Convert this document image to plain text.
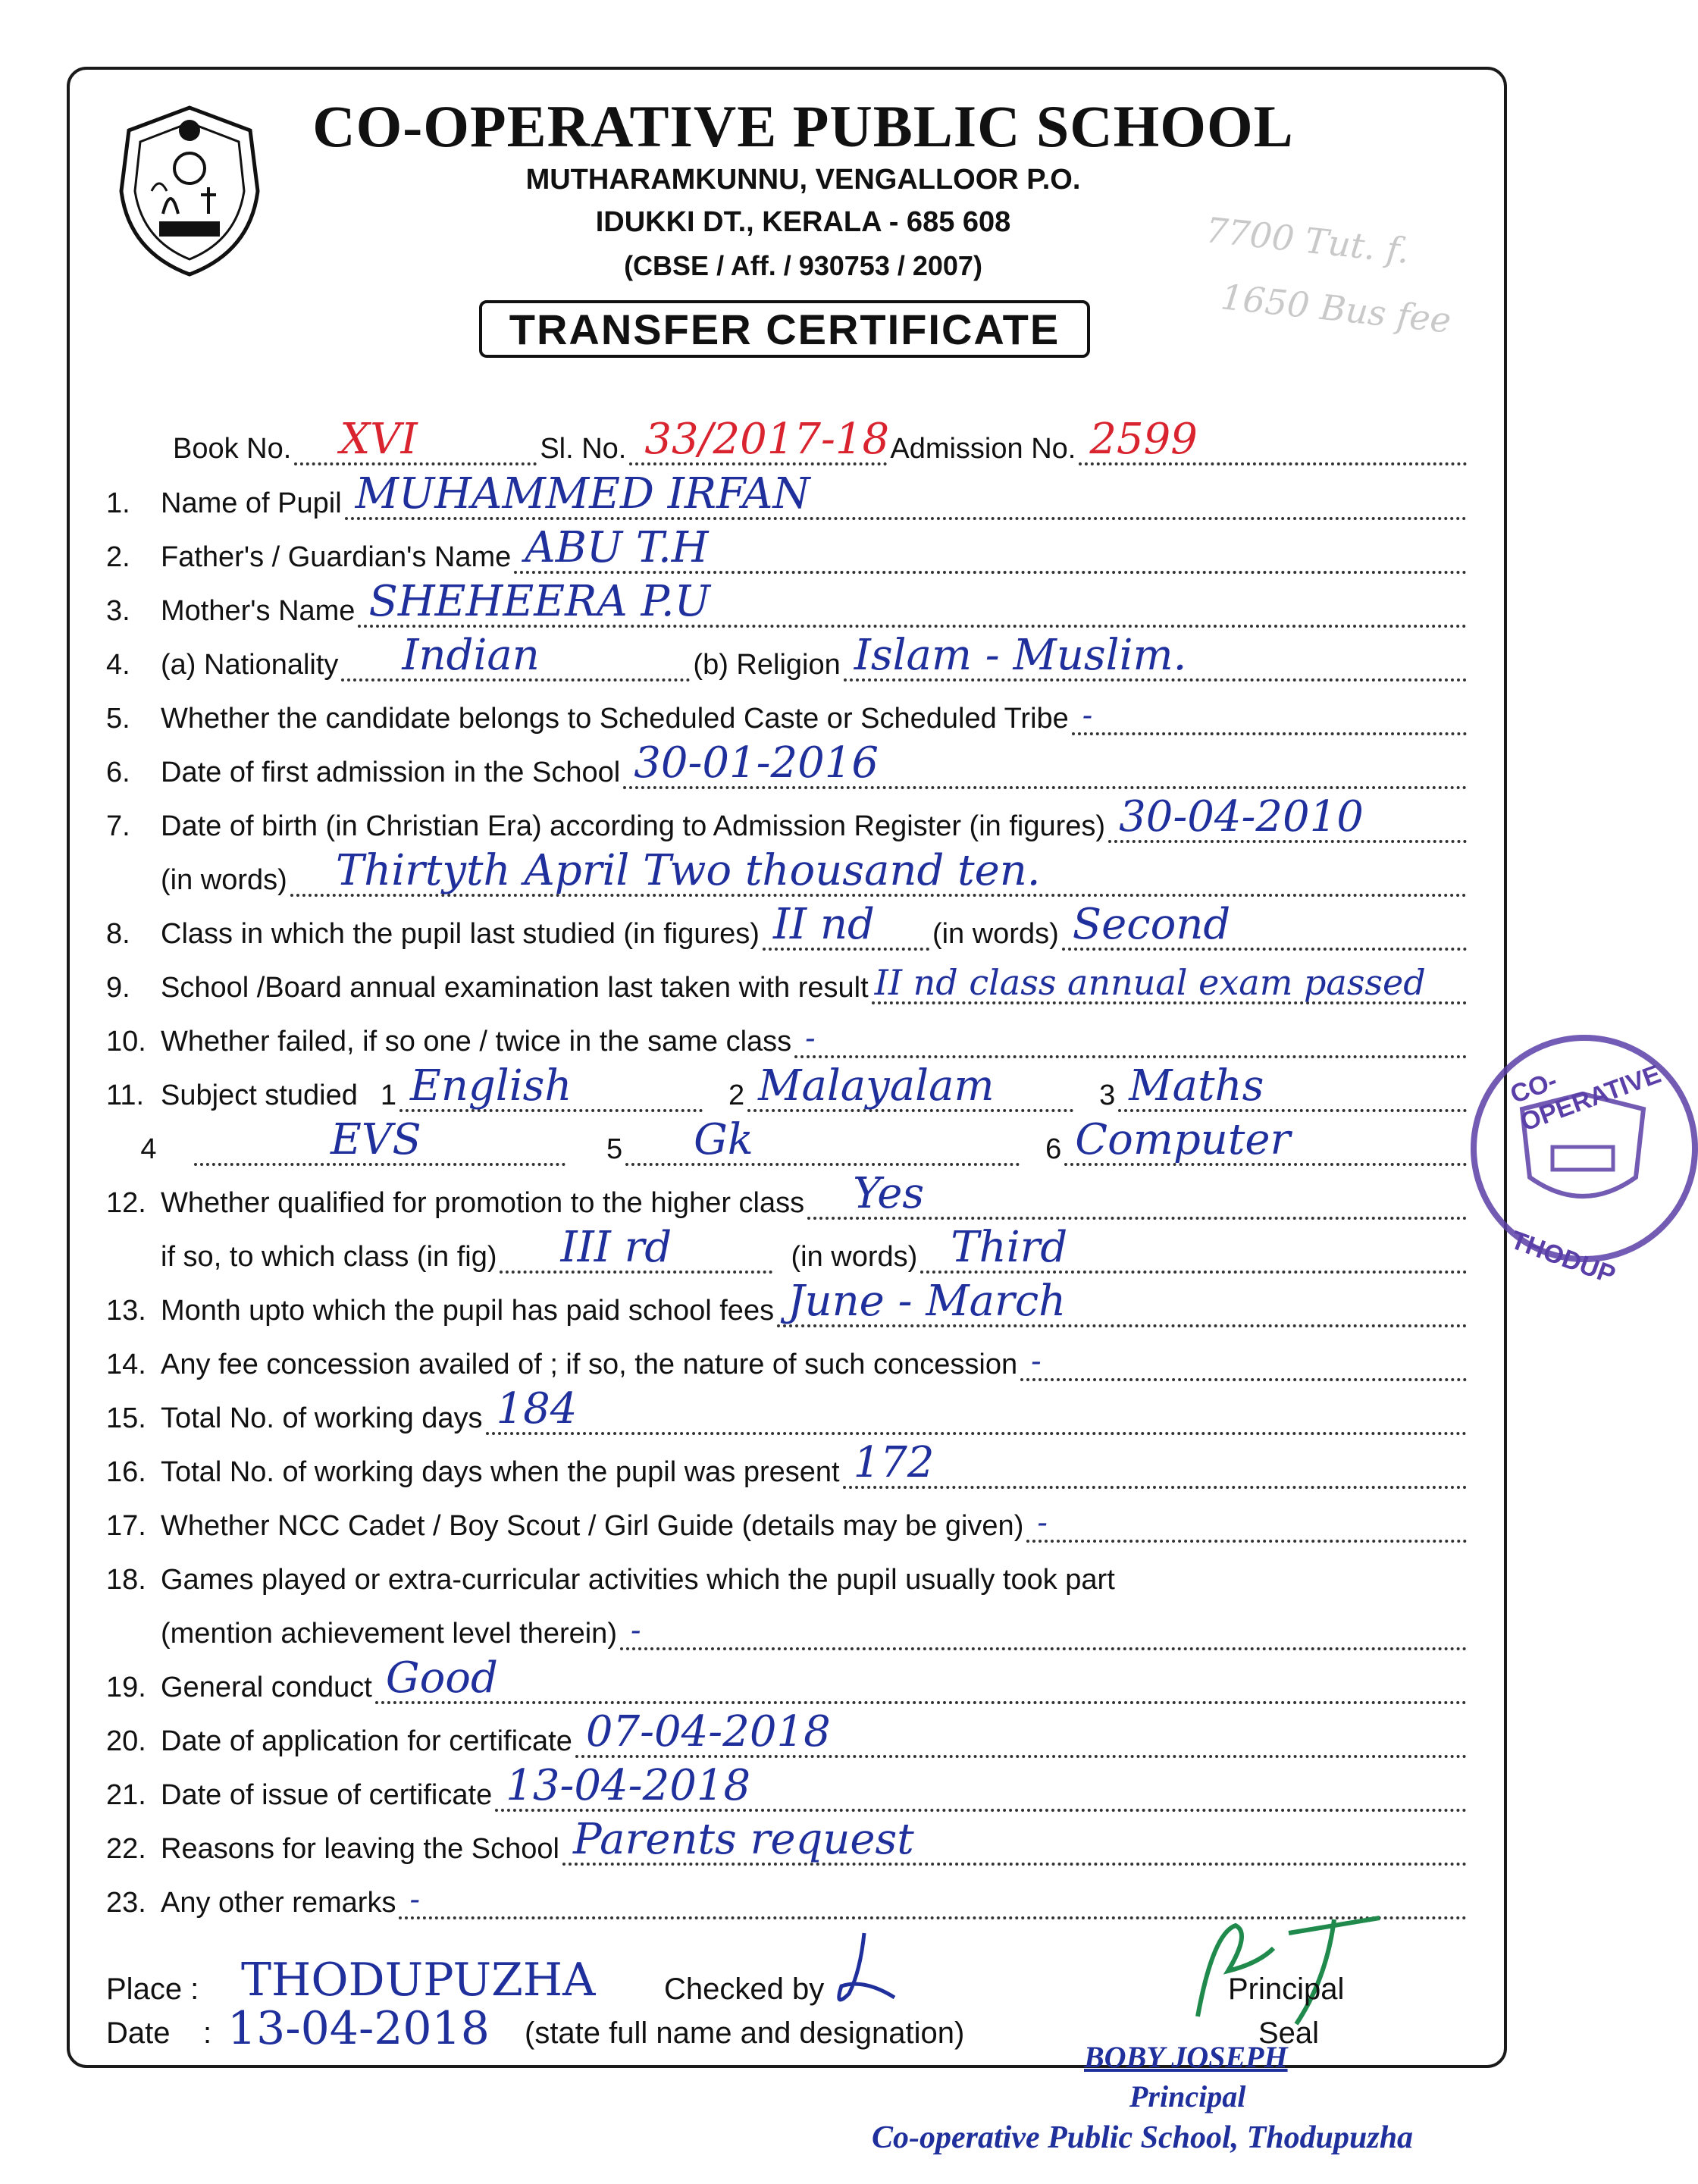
CO-OPERATIVE PUBLIC SCHOOL
MUTHARAMKUNNU, VENGALLOOR P.O.
IDUKKI DT., KERALA - 685 608
(CBSE / Aff. / 930753 / 2007)
TRANSFER CERTIFICATE
7700 Tut. f.
1650 Bus fee
Book No. XVI	Sl. No. 33/2017-18 Admission No. 2599
1.	Name of Pupil MUHAMMED IRFAN
2.	Father's / Guardian's Name ABU T.H
3.	Mother's Name SHEHEERA P.U
4.	(a) Nationality Indian	(b) Religion Islam - Muslim.
5.	Whether the candidate belongs to Scheduled Caste or Scheduled Tribe -
6.	Date of first admission in the School 30-01-2016
7.	Date of birth (in Christian Era) according to Admission Register (in figures) 30-04-2010
(in words) Thirtyth April Two thousand ten.
8.	Class in which the pupil last studied (in figures) II nd (in words) Second
9.	School /Board annual examination last taken with result II nd class annual exam passed
10. Whether failed, if so one / twice in the same class -
11. Subject studied 1 English	2 Malayalam	3 Maths
4	EVS	5 Gk	6 Computer
12. Whether qualified for promotion to the higher class Yes
if so, to which class (in fig) III rd	(in words) Third
13. Month upto which the pupil has paid school fees June - March
14. Any fee concession availed of ; if so, the nature of such concession -
15. Total No. of working days 184
16. Total No. of working days when the pupil was present 172
17. Whether NCC Cadet / Boy Scout / Girl Guide (details may be given) -
18. Games played or extra-curricular activities which the pupil usually took part
(mention achievement level therein) -
19. General conduct Good
20. Date of application for certificate 07-04-2018
21. Date of issue of certificate 13-04-2018
22. Reasons for leaving the School Parents request
23. Any other remarks -
Place : THODUPUZHA
Date : 13-04-2018
Checked by
(state full name and designation)
Principal
Seal
BOBY JOSEPH
Principal
Co-operative Public School, Thodupuzha
CO-OPERATIVE
THODUP
